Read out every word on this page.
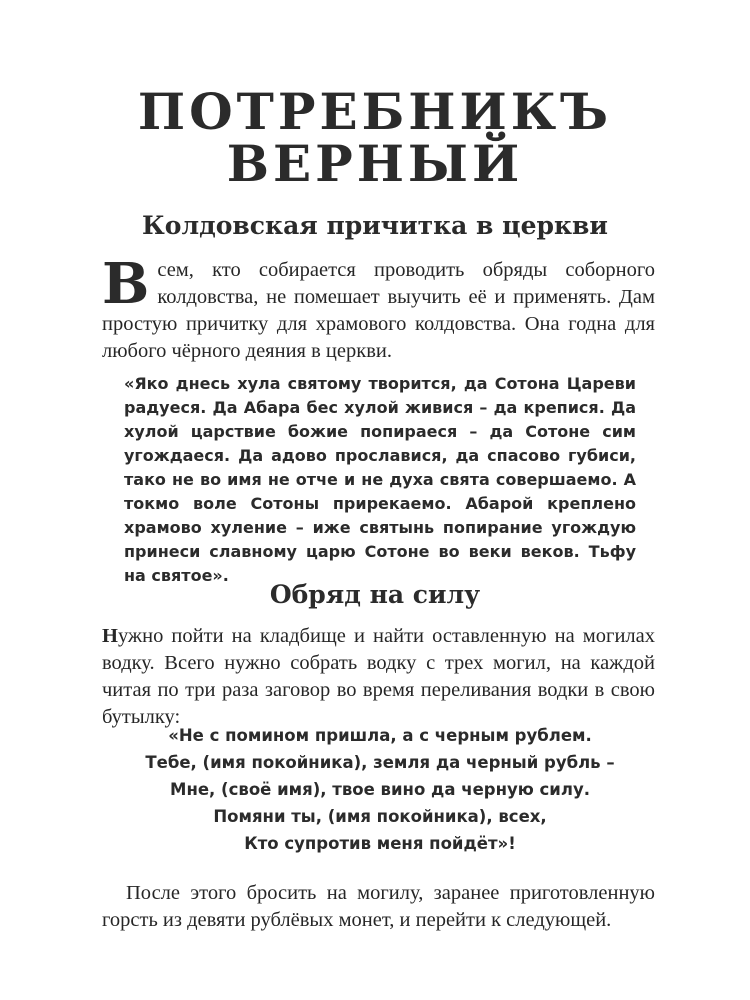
ПОТРЕБНИКЪ
ВЕРНЫЙ
Колдовская причитка в церкви
В сем, кто собирается проводить обряды соборного колдовства, не помешает выучить её и применять. Дам простую причитку для храмового колдовства. Она годна для любого чёрного деяния в церкви.
«Яко днесь хула святому творится, да Сотона Цареви радуеся. Да Абара бес хулой живися – да крепися. Да хулой царствие божие попираеся – да Сотоне сим угождаеся. Да адово прославися, да спасово губиси, тако не во имя не отче и не духа свята совершаемо. А токмо воле Сотоны прирекаемо. Абарой креплено храмово хуление – иже святынь попирание угождую принеси славному царю Сотоне во веки веков. Тьфу на святое».
Обряд на силу
Нужно пойти на кладбище и найти оставленную на могилах водку. Всего нужно собрать водку с трех могил, на каждой читая по три раза заговор во время переливания водки в свою бутылку:
«Не с помином пришла, а с черным рублем.
Тебе, (имя покойника), земля да черный рубль –
Мне, (своё имя), твое вино да черную силу.
Помяни ты, (имя покойника), всех,
Кто супротив меня пойдёт»!
После этого бросить на могилу, заранее приготовленную горсть из девяти рублёвых монет, и перейти к следующей.
